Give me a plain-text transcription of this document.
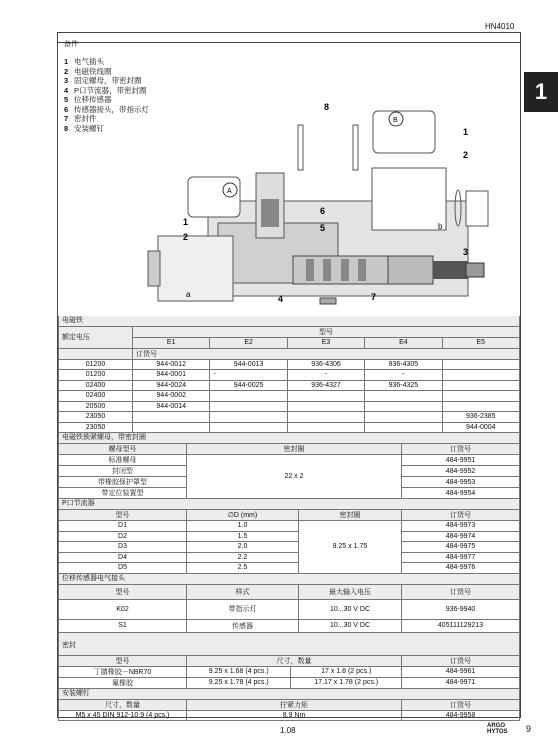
HN4010
1
备件
1 电气插头
2 电磁铁线圈
3 固定螺母，带密封圈
4 P口节流器，带密封圈
5 位移传感器
6 传感器接头，带指示灯
7 密封件
8 安装螺钉
a
A
B
b
1
2
3
4
5
6
7
8
1
2
电磁铁
额定电压	型号				
	E1	E2	E3	E4	E5
	订货号				
01200	944-0012	944-0013	936-4306	936-4305	
01200	944-0001	-	-	-	
02400	944-0024	944-0025	936-4327	936-4325	
02400	944-0002				
20500	944-0014				
23050					936-2385
23050					944-0004
电磁铁锁紧螺母，带密封圈
螺母型号	密封圈	订货号
标准螺母	22 x 2	484-9951
封闭型		484-9952
带橡胶保护罩型		484-9953
带定位装置型		484-9954
P口节流器
型号	∅D (mm)	密封圈	订货号
D1	1.0	9.25 x 1.75	484-9973
D2	1.5		484-9974
D3	2.0		484-9975
D4	2.2		484-9977
D5	2.5		484-9976
位移传感器电气接头
型号	样式	最大输入电压	订货号
K02	带指示灯	10...30 V DC	936-9940
S1	传感器	10...30 V DC	405111129213
密封
型号	尺寸，数量		订货号
丁腈橡胶－NBR70	9.25 x 1.68 (4 pcs.)	17 x 1.8 (2 pcs.)	484-9961
氟橡胶	9.25 x 1.78 (4 pcs.)	17.17 x 1.78 (2 pcs.)	484-9971
安装螺钉
尺寸，数量	拧紧力矩	订货号
M5 x 45 DIN 912-10.9 (4 pcs.)	8.9 Nm	484-9958
1.08	ARGO
HYTOS 9
